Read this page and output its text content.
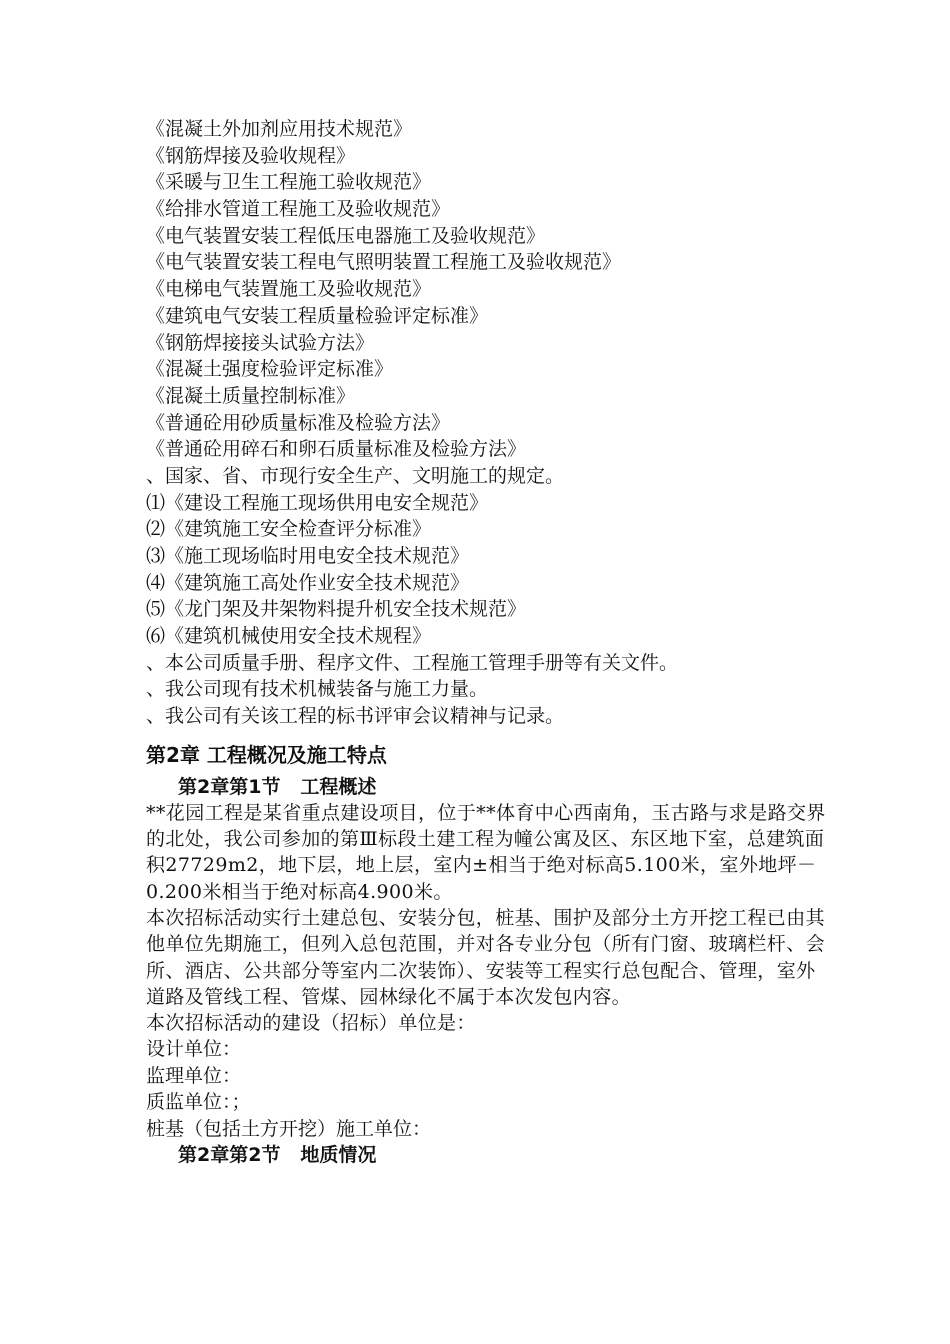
《混凝土外加剂应用技术规范》
《钢筋焊接及验收规程》
《采暖与卫生工程施工验收规范》
《给排水管道工程施工及验收规范》
《电气装置安装工程低压电器施工及验收规范》
《电气装置安装工程电气照明装置工程施工及验收规范》
《电梯电气装置施工及验收规范》
《建筑电气安装工程质量检验评定标准》
《钢筋焊接接头试验方法》
《混凝土强度检验评定标准》
《混凝土质量控制标准》
《普通砼用砂质量标准及检验方法》
《普通砼用碎石和卵石质量标准及检验方法》
、国家、省、市现行安全生产、文明施工的规定。
⑴《建设工程施工现场供用电安全规范》
⑵《建筑施工安全检查评分标准》
⑶《施工现场临时用电安全技术规范》
⑷《建筑施工高处作业安全技术规范》
⑸《龙门架及井架物料提升机安全技术规范》
⑹《建筑机械使用安全技术规程》
、本公司质量手册、程序文件、工程施工管理手册等有关文件。
、我公司现有技术机械装备与施工力量。
、我公司有关该工程的标书评审会议精神与记录。
第2章 工程概况及施工特点
第2章第1节 工程概述
**花园工程是某省重点建设项目，位于**体育中心西南角，玉古路与求是路交界的北处，我公司参加的第Ⅲ标段土建工程为幢公寓及区、东区地下室，总建筑面积27729m2，地下层，地上层，室内±相当于绝对标高5.100米，室外地坪－0.200米相当于绝对标高4.900米。
本次招标活动实行土建总包、安装分包，桩基、围护及部分土方开挖工程已由其他单位先期施工，但列入总包范围，并对各专业分包（所有门窗、玻璃栏杆、会所、酒店、公共部分等室内二次装饰）、安装等工程实行总包配合、管理，室外道路及管线工程、管煤、园林绿化不属于本次发包内容。
本次招标活动的建设（招标）单位是：
设计单位：
监理单位：
质监单位：；
桩基（包括土方开挖）施工单位：
第2章第2节 地质情况
